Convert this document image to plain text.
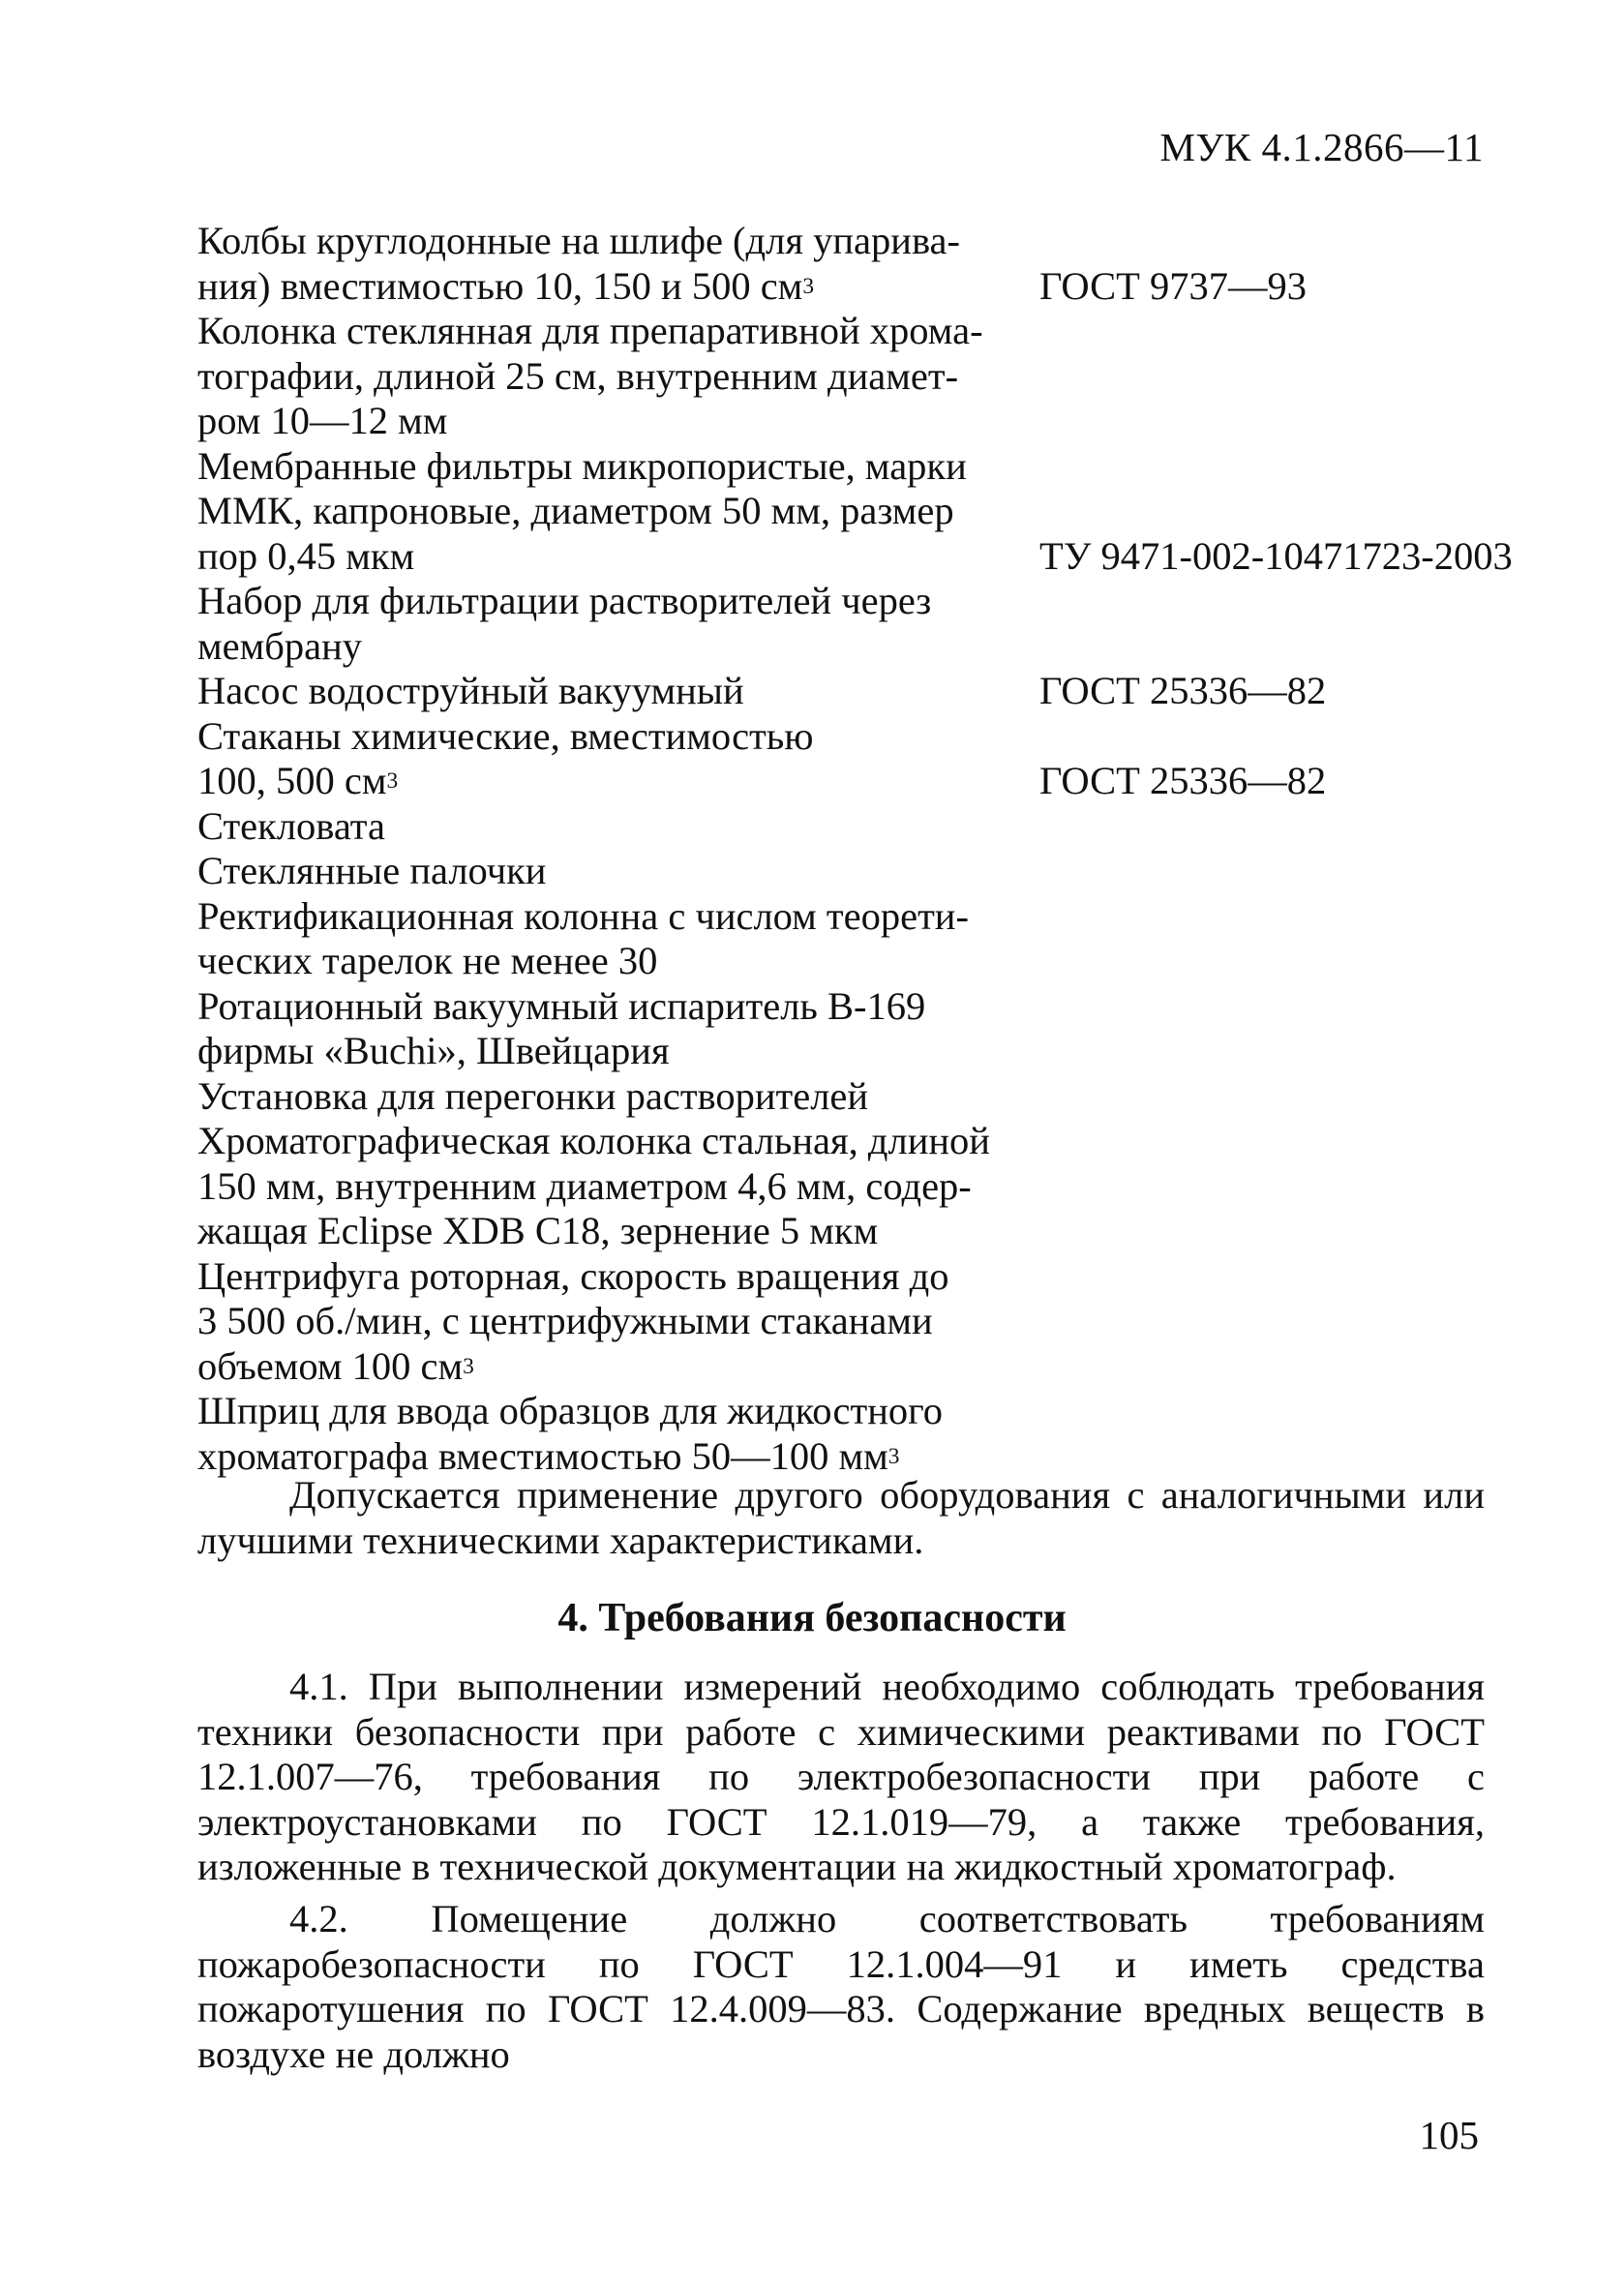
МУК 4.1.2866—11
Колбы круглодонные на шлифе (для упарива-
ния) вместимостью 10, 150 и 500 $см^3$	ГОСТ 9737—93
Колонка стеклянная для препаративной хрома-
тографии, длиной 25 см, внутренним диамет-
ром 10—12 мм
Мембранные фильтры микропористые, марки
ММК, капроновые, диаметром 50 мм, размер
пор 0,45 мкм	ТУ 9471-002-10471723-2003
Набор для фильтрации растворителей через
мембрану
Насос водоструйный вакуумный	ГОСТ 25336—82
Стаканы химические, вместимостью
100, 500 $см^3$	ГОСТ 25336—82
Стекловата
Стеклянные палочки
Ректификационная колонна с числом теорети-
ческих тарелок не менее 30
Ротационный вакуумный испаритель В-169
фирмы «Buchi», Швейцария
Установка для перегонки растворителей
Хроматографическая колонка стальная, длиной
150 мм, внутренним диаметром 4,6 мм, содер-
жащая Eclipse XDB C18, зернение 5 мкм
Центрифуга роторная, скорость вращения до
3 500 об./мин, с центрифужными стаканами
объемом 100 $см^3$
Шприц для ввода образцов для жидкостного
хроматографа вместимостью 50—100 $мм^3$

Допускается применение другого оборудования с аналогичными или лучшими техническими характеристиками.

4. Требования безопасности

4.1. При выполнении измерений необходимо соблюдать требования техники безопасности при работе с химическими реактивами по ГОСТ 12.1.007—76, требования по электробезопасности при работе с электроустановками по ГОСТ 12.1.019—79, а также требования, изложенные в технической документации на жидкостный хроматограф.

4.2. Помещение должно соответствовать требованиям пожаробезопасности по ГОСТ 12.1.004—91 и иметь средства пожаротушения по ГОСТ 12.4.009—83. Содержание вредных веществ в воздухе не должно

105
